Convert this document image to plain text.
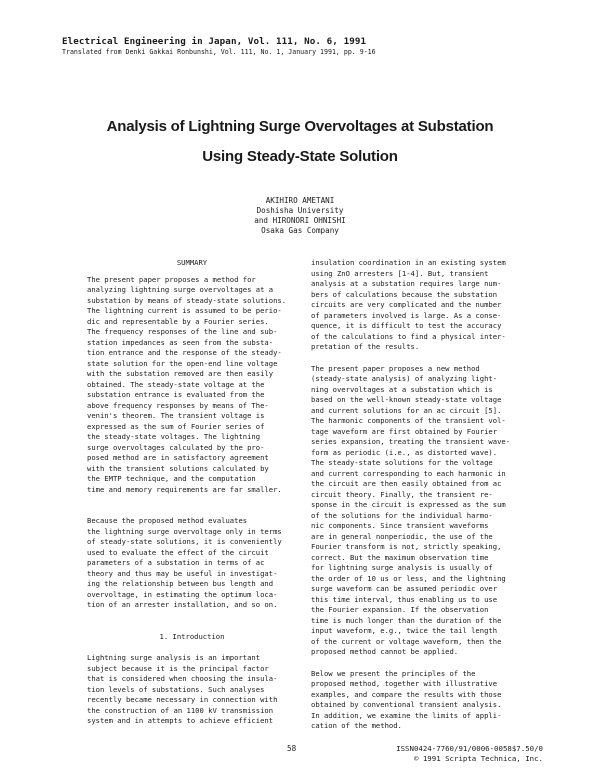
Electrical Engineering in Japan, Vol. 111, No. 6, 1991
Translated from Denki Gakkai Ronbunshi, Vol. 111, No. 1, January 1991, pp. 9-16
Analysis of Lightning Surge Overvoltages at Substation
Using Steady-State Solution
AKIHIRO AMETANI
Doshisha University
and HIRONORI OHNISHI
Osaka Gas Company
SUMMARY
The present paper proposes a method for
analyzing lightning surge overvoltages at a
substation by means of steady-state solutions.
The lightning current is assumed to be perio-
dic and representable by a Fourier series.
The frequency responses of the line and sub-
station impedances as seen from the substa-
tion entrance and the response of the steady-
state solution for the open-end line voltage
with the substation removed are then easily
obtained. The steady-state voltage at the
substation entrance is evaluated from the
above frequency responses by means of The-
venin's theorem. The transient voltage is
expressed as the sum of Fourier series of
the steady-state voltages. The lightning
surge overvoltages calculated by the pro-
posed method are in satisfactory agreement
with the transient solutions calculated by
the EMTP technique, and the computation
time and memory requirements are far smaller.
Because the proposed method evaluates
the lightning surge overvoltage only in terms
of steady-state solutions, it is conveniently
used to evaluate the effect of the circuit
parameters of a substation in terms of ac
theory and thus may be useful in investigat-
ing the relationship between bus length and
overvoltage, in estimating the optimum loca-
tion of an arrester installation, and so on.
1. Introduction
Lightning surge analysis is an important
subject because it is the principal factor
that is considered when choosing the insula-
tion levels of substations. Such analyses
recently became necessary in connection with
the construction of an 1100 kV transmission
system and in attempts to achieve efficient
insulation coordination in an existing system
using ZnO arresters [1-4]. But, transient
analysis at a substation requires large num-
bers of calculations because the substation
circuits are very complicated and the number
of parameters involved is large. As a conse-
quence, it is difficult to test the accuracy
of the calculations to find a physical inter-
pretation of the results.
The present paper proposes a new method
(steady-state analysis) of analyzing light-
ning overvoltages at a substation which is
based on the well-known steady-state voltage
and current solutions for an ac circuit [5].
The harmonic components of the transient vol-
tage waveform are first obtained by Fourier
series expansion, treating the transient wave-
form as periodic (i.e., as distorted wave).
The steady-state solutions for the voltage
and current corresponding to each harmonic in
the circuit are then easily obtained from ac
circuit theory. Finally, the transient re-
sponse in the circuit is expressed as the sum
of the solutions for the individual harmo-
nic components. Since transient waveforms
are in general nonperiodic, the use of the
Fourier transform is not, strictly speaking,
correct. But the maximum observation time
for lightning surge analysis is usually of
the order of 10 us or less, and the lightning
surge waveform can be assumed periodic over
this time interval, thus enabling us to use
the Fourier expansion. If the observation
time is much longer than the duration of the
input waveform, e.g., twice the tail length
of the current or voltage waveform, then the
proposed method cannot be applied.
Below we present the principles of the
proposed method, together with illustrative
examples, and compare the results with those
obtained by conventional transient analysis.
In addition, we examine the limits of appli-
cation of the method.
58	ISSN0424-7760/91/0006-0058$7.50/0
© 1991 Scripta Technica, Inc.
